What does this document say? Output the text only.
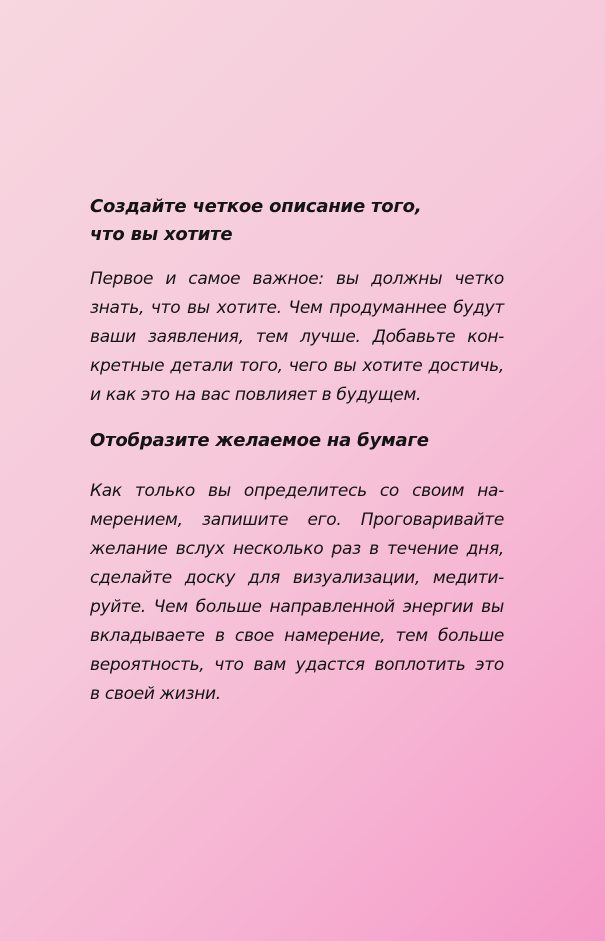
Создайте четкое описание того,
что вы хотите

Первое и самое важное: вы должны четко
знать, что вы хотите. Чем продуманнее будут
ваши заявления, тем лучше. Добавьте кон-
кретные детали того, чего вы хотите достичь,
и как это на вас повлияет в будущем.

Отобразите желаемое на бумаге

Как только вы определитесь со своим на-
мерением, запишите его. Проговаривайте
желание вслух несколько раз в течение дня,
сделайте доску для визуализации, медити-
руйте. Чем больше направленной энергии вы
вкладываете в свое намерение, тем больше
вероятность, что вам удастся воплотить это
в своей жизни.
